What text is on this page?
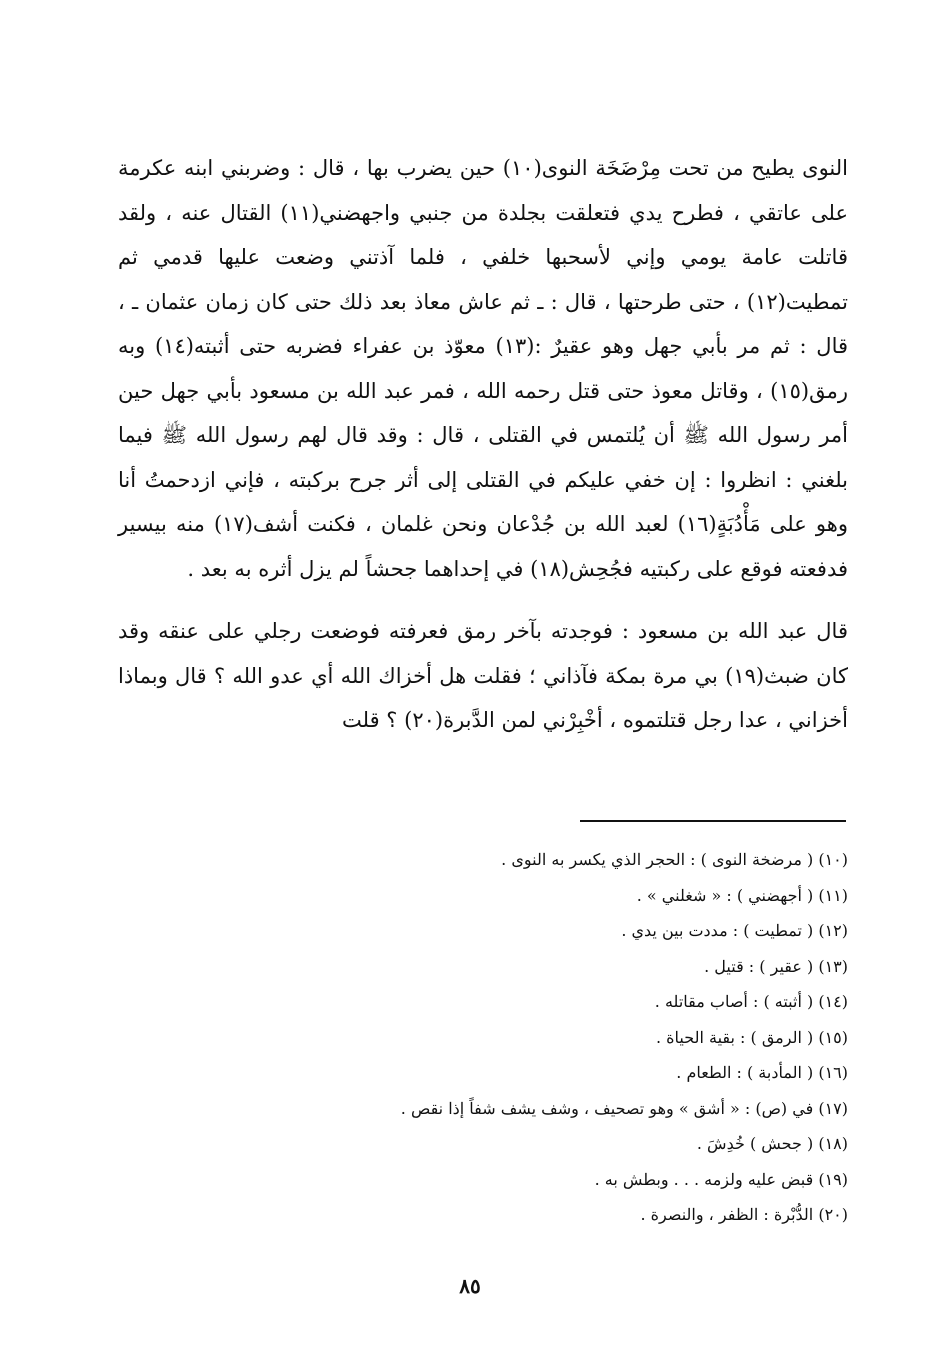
النوى يطيح من تحت مِرْضَخَة النوى(١٠) حين يضرب بها ، قال : وضربني ابنه عكرمة على عاتقي ، فطرح يدي فتعلقت بجلدة من جنبي واجهضني(١١) القتال عنه ، ولقد قاتلت عامة يومي وإني لأسحبها خلفي ، فلما آذتني وضعت عليها قدمي ثم تمطيت(١٢) ، حتى طرحتها ، قال : ـ ثم عاش معاذ بعد ذلك حتى كان زمان عثمان ـ ، قال : ثم مر بأبي جهل وهو عقيرٌ :(١٣) معوّذ بن عفراء فضربه حتى أثبته(١٤) وبه رمق(١٥) ، وقاتل معوذ حتى قتل رحمه الله ، فمر عبد الله بن مسعود بأبي جهل حين أمر رسول الله ﷺ أن يُلتمس في القتلى ، قال : وقد قال لهم رسول الله ﷺ فيما بلغني : انظروا : إن خفي عليكم في القتلى إلى أثر جرح بركبته ، فإني ازدحمتُ أنا وهو على مَأْدُبَةٍ(١٦) لعبد الله بن جُدْعان ونحن غلمان ، فكنت أشف(١٧) منه بيسير فدفعته فوقع على ركبتيه فجُحِش(١٨) في إحداهما جحشاً لم يزل أثره به بعد .

قال عبد الله بن مسعود : فوجدته بآخر رمق فعرفته فوضعت رجلي على عنقه وقد كان ضبث(١٩) بي مرة بمكة فآذاني ؛ فقلت هل أخزاك الله أي عدو الله ؟ قال وبماذا أخزاني ، عدا رجل قتلتموه ، أخْبِرْني لمن الدَّبرة(٢٠) ؟ قلت

(١٠) ( مرضخة النوى ) : الحجر الذي يكسر به النوى .

(١١) ( أجهضني ) : « شغلني » .

(١٢) ( تمطيت ) : مددت بين يدي .

(١٣) ( عقير ) : قتيل .

(١٤) ( أثبته ) : أصاب مقاتله .

(١٥) ( الرمق ) : بقية الحياة .

(١٦) ( المأدبة ) : الطعام .

(١٧) في (ص) : « أشق » وهو تصحيف ، وشف يشف شفاً إذا نقص .

(١٨) ( جحش ) خُدِشَ .

(١٩) قبض عليه ولزمه . . . وبطش به .

(٢٠) الدُّبْرة : الظفر ، والنصرة .

٨٥
